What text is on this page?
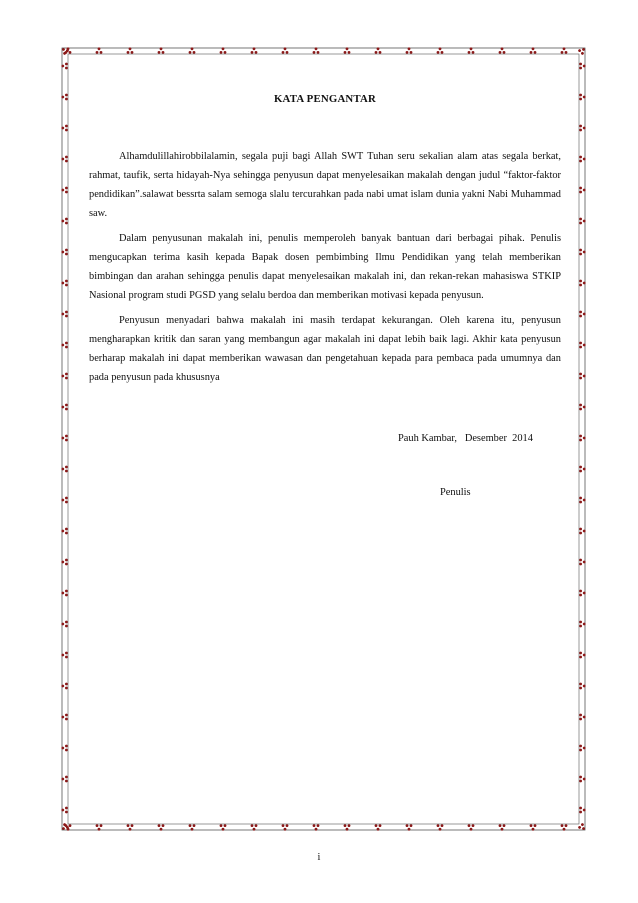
KATA PENGANTAR

Alhamdulillahirobbilalamin, segala puji bagi Allah SWT Tuhan seru sekalian alam atas segala berkat, rahmat, taufik, serta hidayah-Nya sehingga penyusun dapat menyelesaikan makalah dengan judul “faktor-faktor pendidikan”.salawat bessrta salam semoga slalu tercurahkan pada nabi umat islam dunia yakni Nabi Muhammad saw.

Dalam penyusunan makalah ini, penulis memperoleh banyak bantuan dari berbagai pihak. Penulis mengucapkan terima kasih kepada Bapak dosen pembimbing Ilmu Pendidikan yang telah memberikan bimbingan dan arahan sehingga penulis dapat menyelesaikan makalah ini, dan rekan-rekan mahasiswa STKIP Nasional program studi PGSD yang selalu berdoa dan memberikan motivasi kepada penyusun.

Penyusun menyadari bahwa makalah ini masih terdapat kekurangan. Oleh karena itu, penyusun mengharapkan kritik dan saran yang membangun agar makalah ini dapat lebih baik lagi. Akhir kata penyusun berharap makalah ini dapat memberikan wawasan dan pengetahuan kepada para pembaca pada umumnya dan pada penyusun pada khususnya

Pauh Kambar,   Desember  2014
Penulis
i
